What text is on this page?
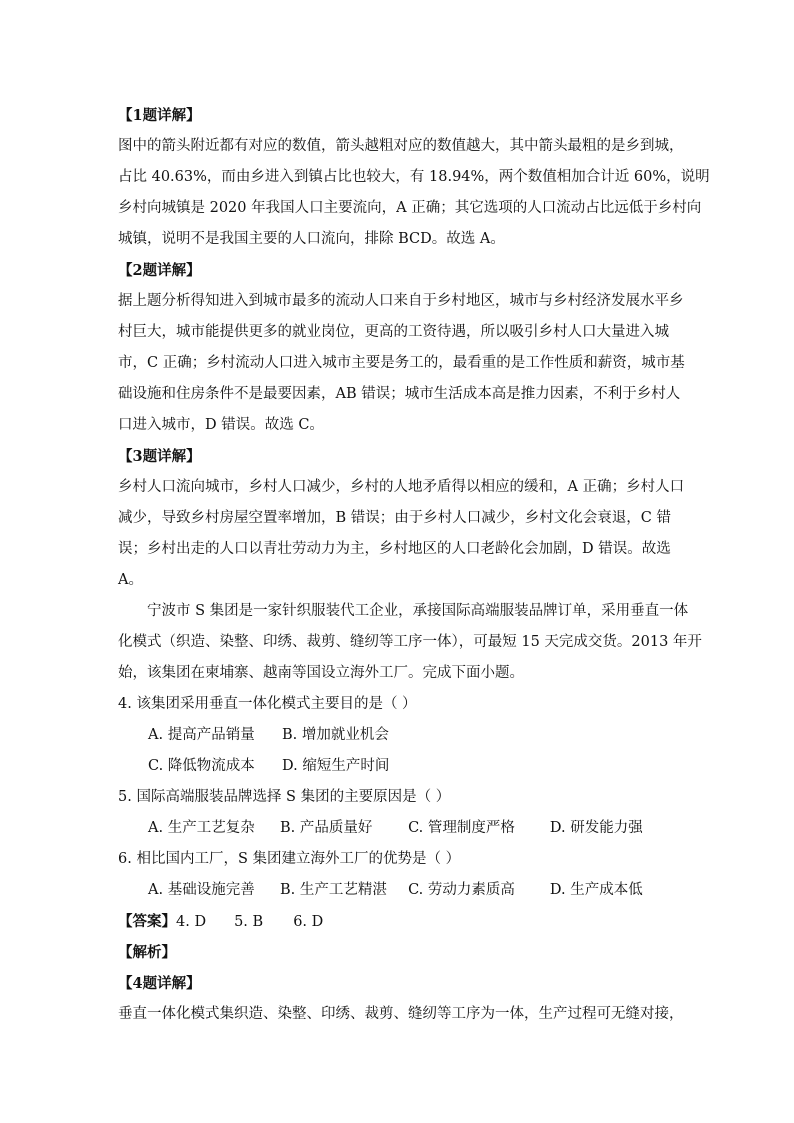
【1题详解】
图中的箭头附近都有对应的数值，箭头越粗对应的数值越大，其中箭头最粗的是乡到城，
占比 40.63%，而由乡进入到镇占比也较大，有 18.94%，两个数值相加合计近 60%，说明
乡村向城镇是 2020 年我国人口主要流向，A 正确；其它选项的人口流动占比远低于乡村向
城镇，说明不是我国主要的人口流向，排除 BCD。故选 A。
【2题详解】
据上题分析得知进入到城市最多的流动人口来自于乡村地区，城市与乡村经济发展水平乡
村巨大，城市能提供更多的就业岗位，更高的工资待遇，所以吸引乡村人口大量进入城
市，C 正确；乡村流动人口进入城市主要是务工的，最看重的是工作性质和薪资，城市基
础设施和住房条件不是最要因素，AB 错误；城市生活成本高是推力因素，不利于乡村人
口进入城市，D 错误。故选 C。
【3题详解】
乡村人口流向城市，乡村人口减少，乡村的人地矛盾得以相应的缓和，A 正确；乡村人口
减少，导致乡村房屋空置率增加，B 错误；由于乡村人口减少，乡村文化会衰退，C 错
误；乡村出走的人口以青壮劳动力为主，乡村地区的人口老龄化会加剧，D 错误。故选
A。
宁波市 S 集团是一家针织服装代工企业，承接国际高端服装品牌订单，采用垂直一体
化模式（织造、染整、印绣、裁剪、缝纫等工序一体），可最短 15 天完成交货。2013 年开
始，该集团在柬埔寨、越南等国设立海外工厂。完成下面小题。
4. 该集团采用垂直一体化模式主要目的是（ ）
A. 提高产品销量	B. 增加就业机会
C. 降低物流成本	D. 缩短生产时间
5. 国际高端服装品牌选择 S 集团的主要原因是（ ）
A. 生产工艺复杂	B. 产品质量好	C. 管理制度严格	D. 研发能力强
6. 相比国内工厂，S 集团建立海外工厂的优势是（ ）
A. 基础设施完善	B. 生产工艺精湛	C. 劳动力素质高	D. 生产成本低
【答案】4. D 5. B 6. D
【解析】
【4题详解】
垂直一体化模式集织造、染整、印绣、裁剪、缝纫等工序为一体，生产过程可无缝对接，
